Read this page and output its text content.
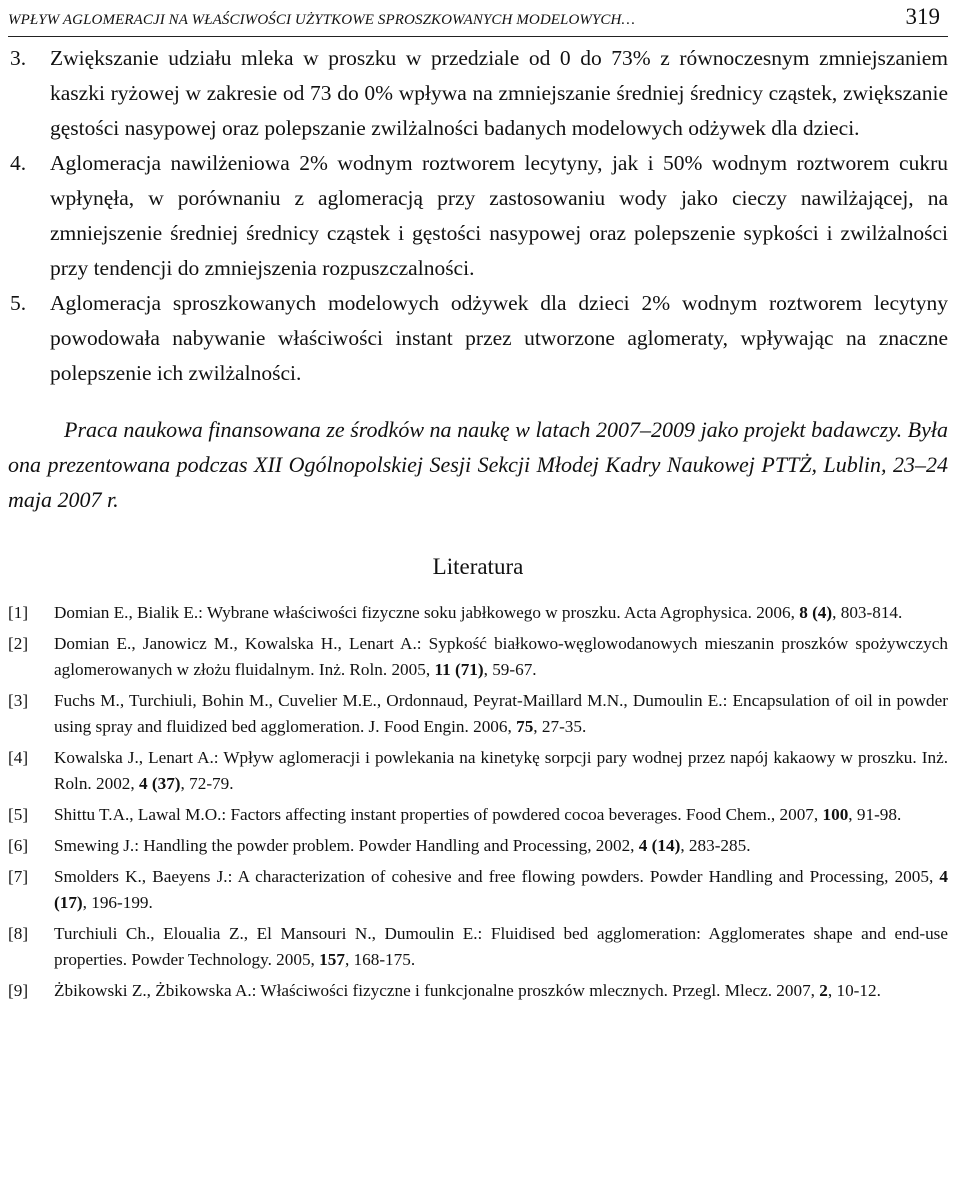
WPŁYW AGLOMERACJI NA WŁAŚCIWOŚCI UŻYTKOWE SPROSZKOWANYCH MODELOWYCH…	319
3.	Zwiększanie udziału mleka w proszku w przedziale od 0 do 73% z równoczesnym zmniejszaniem kaszki ryżowej w zakresie od 73 do 0% wpływa na zmniejszanie średniej średnicy cząstek, zwiększanie gęstości nasypowej oraz polepszanie zwilżalności badanych modelowych odżywek dla dzieci.
4.	Aglomeracja nawilżeniowa 2% wodnym roztworem lecytyny, jak i 50% wodnym roztworem cukru wpłynęła, w porównaniu z aglomeracją przy zastosowaniu wody jako cieczy nawilżającej, na zmniejszenie średniej średnicy cząstek i gęstości nasypowej oraz polepszenie sypkości i zwilżalności przy tendencji do zmniejszenia rozpuszczalności.
5.	Aglomeracja sproszkowanych modelowych odżywek dla dzieci 2% wodnym roztworem lecytyny powodowała nabywanie właściwości instant przez utworzone aglomeraty, wpływając na znaczne polepszenie ich zwilżalności.

Praca naukowa finansowana ze środków na naukę w latach 2007–2009 jako projekt badawczy. Była ona prezentowana podczas XII Ogólnopolskiej Sesji Sekcji Młodej Kadry Naukowej PTTŻ, Lublin, 23–24 maja 2007 r.

Literatura
[1]	Domian E., Bialik E.: Wybrane właściwości fizyczne soku jabłkowego w proszku. Acta Agrophysica. 2006, 8 (4), 803-814.
[2]	Domian E., Janowicz M., Kowalska H., Lenart A.: Sypkość białkowo-węglowodanowych mieszanin proszków spożywczych aglomerowanych w złożu fluidalnym. Inż. Roln. 2005, 11 (71), 59-67.
[3]	Fuchs M., Turchiuli, Bohin M., Cuvelier M.E., Ordonnaud, Peyrat-Maillard M.N., Dumoulin E.: Encapsulation of oil in powder using spray and fluidized bed agglomeration. J. Food Engin. 2006, 75, 27-35.
[4]	Kowalska J., Lenart A.: Wpływ aglomeracji i powlekania na kinetykę sorpcji pary wodnej przez napój kakaowy w proszku. Inż. Roln. 2002, 4 (37), 72-79.
[5]	Shittu T.A., Lawal M.O.: Factors affecting instant properties of powdered cocoa beverages. Food Chem., 2007, 100, 91-98.
[6]	Smewing J.: Handling the powder problem. Powder Handling and Processing, 2002, 4 (14), 283-285.
[7]	Smolders K., Baeyens J.: A characterization of cohesive and free flowing powders. Powder Handling and Processing, 2005, 4 (17), 196-199.
[8]	Turchiuli Ch., Eloualia Z., El Mansouri N., Dumoulin E.: Fluidised bed agglomeration: Agglomerates shape and end-use properties. Powder Technology. 2005, 157, 168-175.
[9]	Żbikowski Z., Żbikowska A.: Właściwości fizyczne i funkcjonalne proszków mlecznych. Przegl. Mlecz. 2007, 2, 10-12.
